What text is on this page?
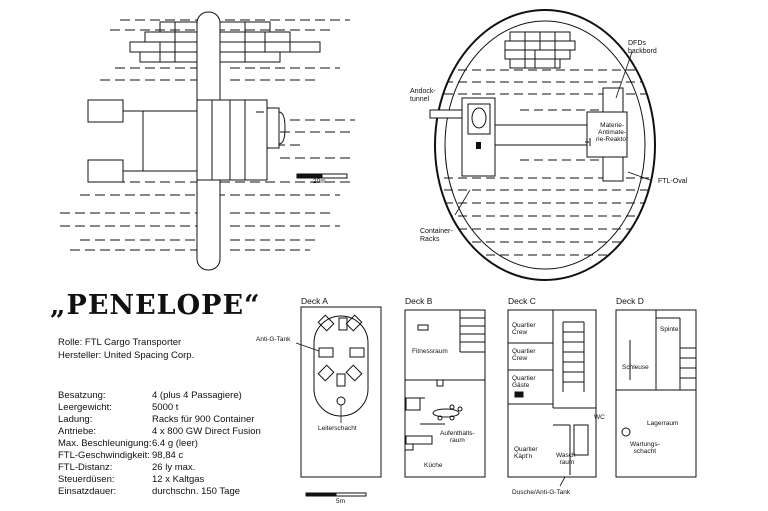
„PENELOPE“
Rolle: FTL Cargo Transporter
Hersteller: United Spacing Corp.
Besatzung:	4 (plus 4 Passagiere)
Leergewicht:	5000 t
Ladung:	Racks für 900 Container
Antriebe:	4 x 800 GW Direct Fusion
Max. Beschleunigung: 6.4 g (leer)
FTL-Geschwindigkeit: 98,84 c
FTL-Distanz:	26 ly max.
Steuerdüsen:	12 x Kaltgas
Einsatzdauer:	durchschn. 150 Tage
20m
Andock-
tunnel
DFDs
backbord
Materie-
Antimate-
rie-Reaktor
FTL-Oval
Container-
Racks
Deck A	Deck B	Deck C	Deck D
Anti-G-Tank
Leiterschacht
Fitnessraum
Aufenthalts-
raum
Küche
Quartier
Crew
Quartier
Crew
Quartier
Gäste
Quartier
Käpt'n
WC
Wasch-
raum
Dusche/Anti-G-Tank
Spinte
Schleuse
Lagerraum
Wartungs-
schacht
5m
